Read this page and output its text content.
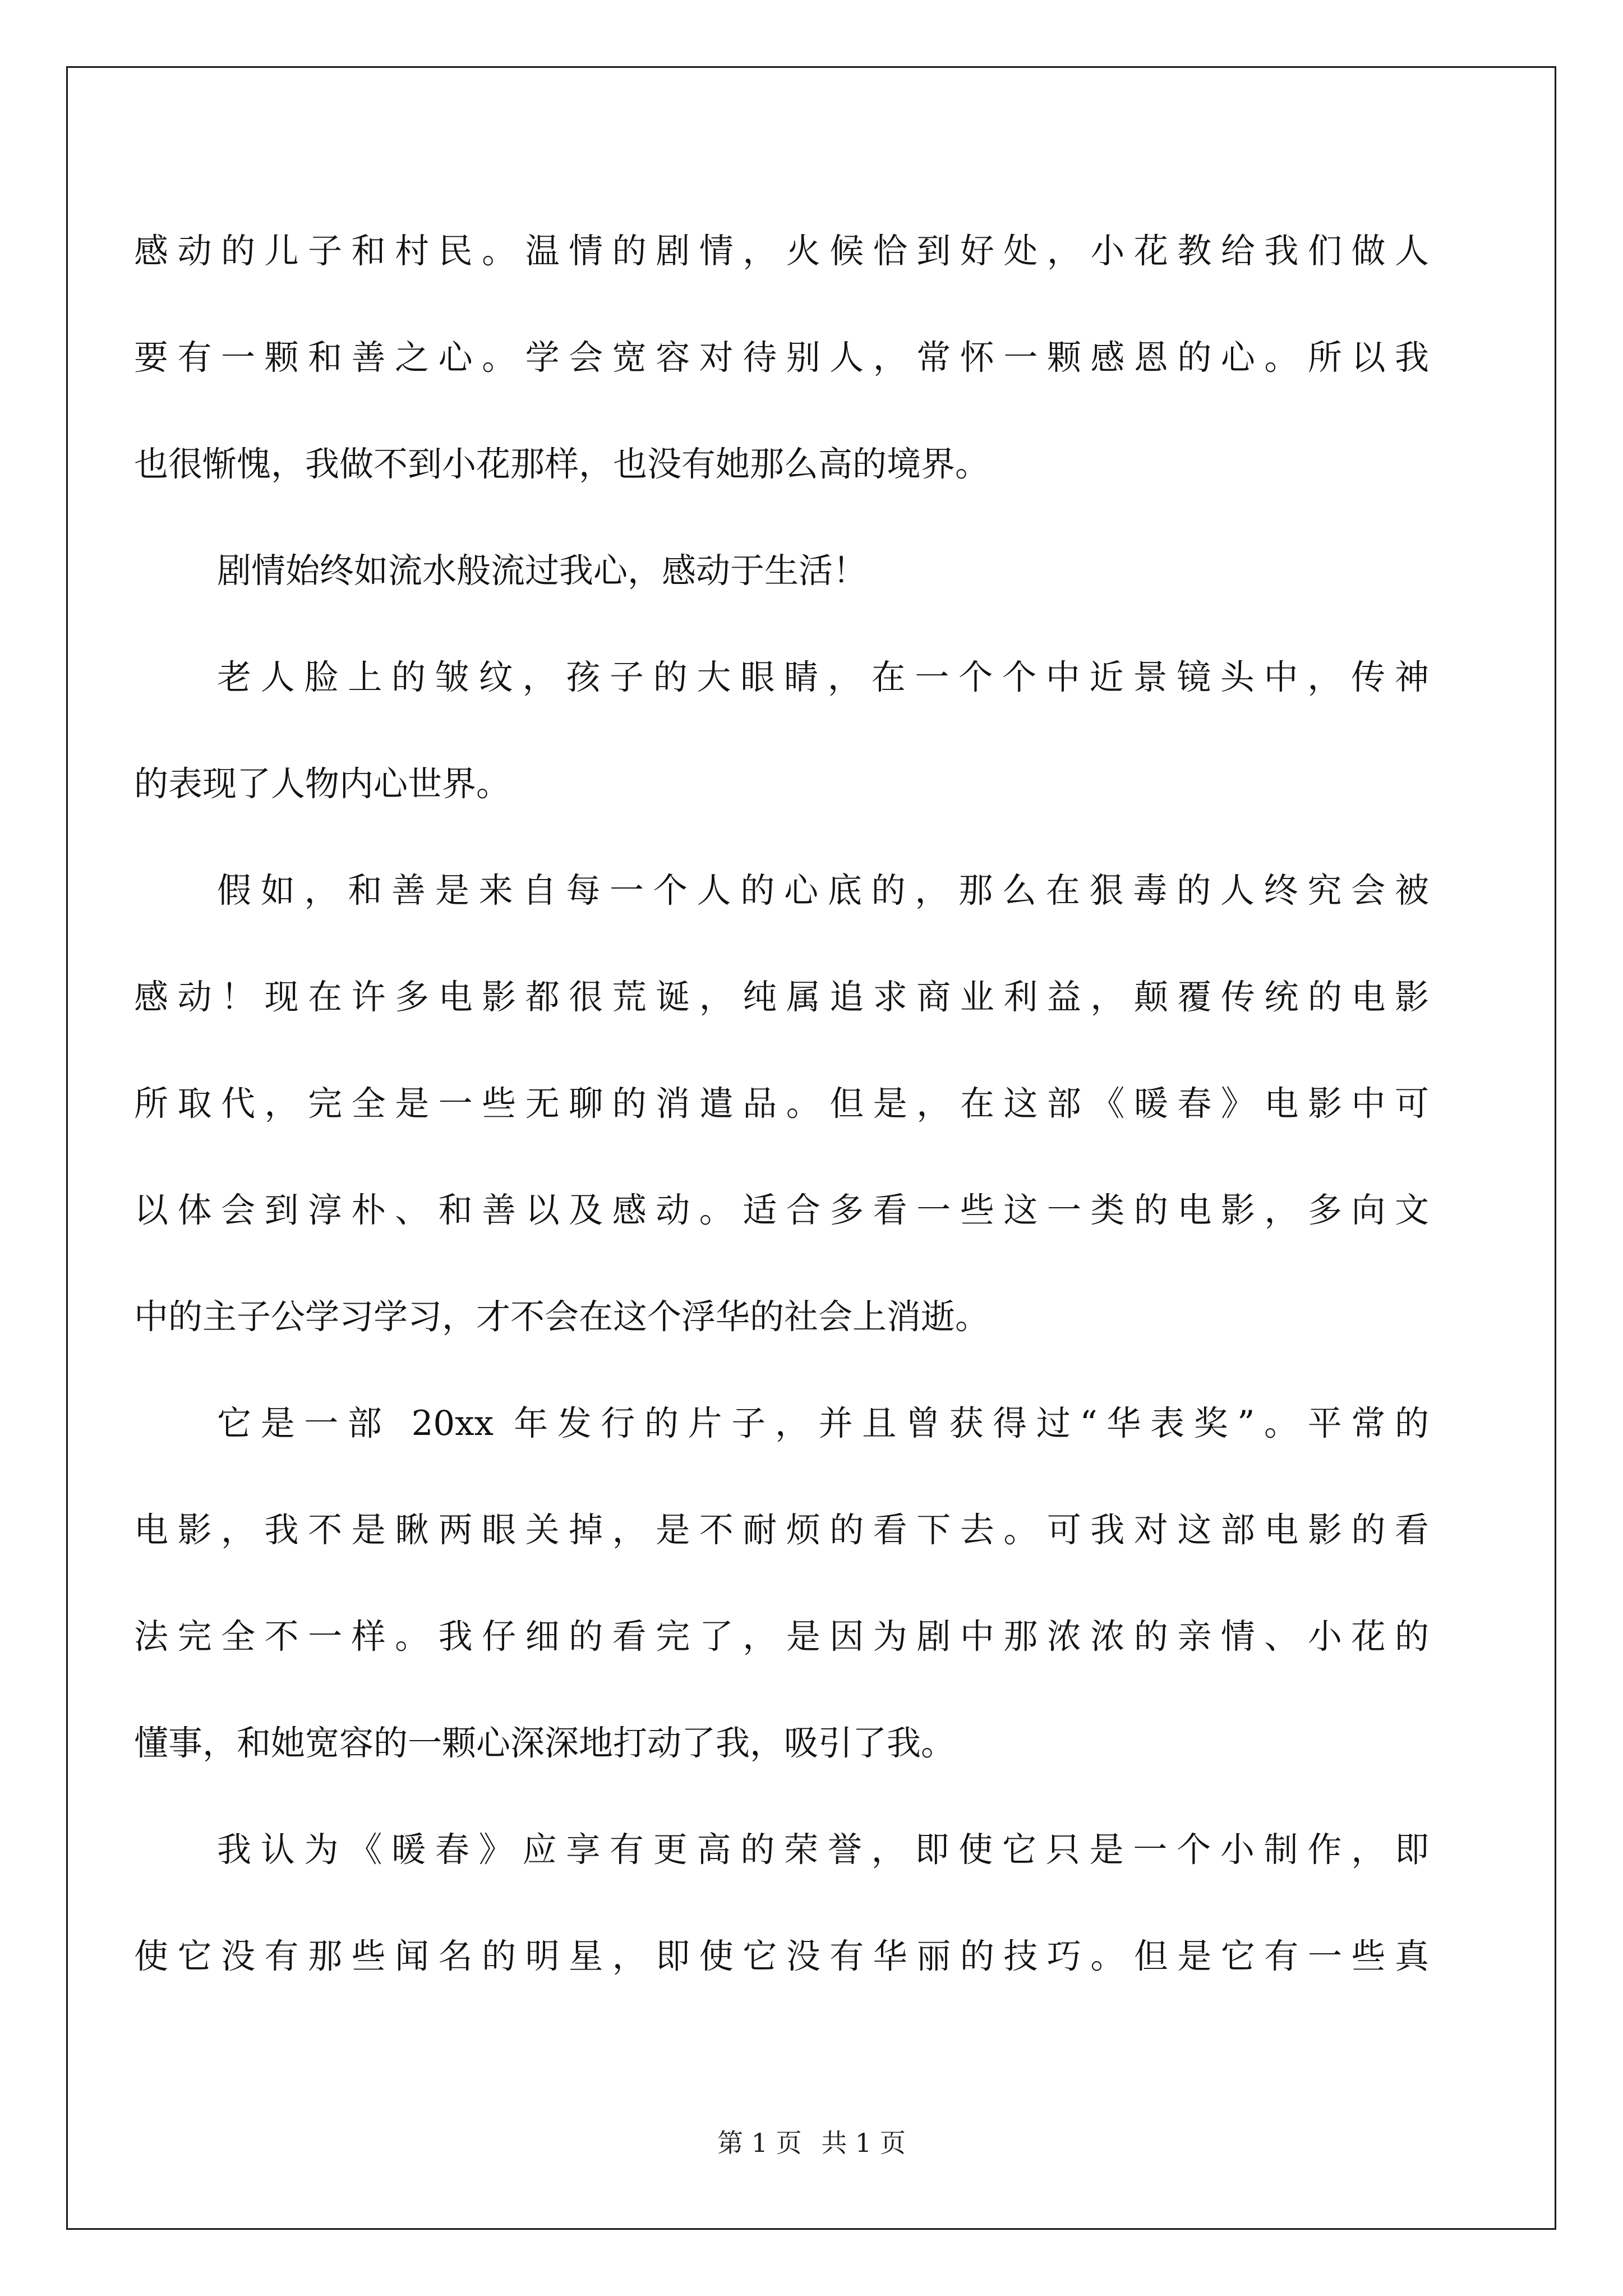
感动的儿子和村民。温情的剧情，火候恰到好处，小花教给我们做人
要有一颗和善之心。学会宽容对待别人，常怀一颗感恩的心。所以我
也很惭愧，我做不到小花那样，也没有她那么高的境界。
剧情始终如流水般流过我心，感动于生活！
老人脸上的皱纹，孩子的大眼睛，在一个个中近景镜头中，传神
的表现了人物内心世界。
假如，和善是来自每一个人的心底的，那么在狠毒的人终究会被
感动！现在许多电影都很荒诞，纯属追求商业利益，颠覆传统的电影
所取代，完全是一些无聊的消遣品。但是，在这部《暖春》电影中可
以体会到淳朴、和善以及感动。适合多看一些这一类的电影，多向文
中的主子公学习学习，才不会在这个浮华的社会上消逝。
它是一部 20xx 年发行的片子，并且曾获得过“华表奖”。平常的
电影，我不是瞅两眼关掉，是不耐烦的看下去。可我对这部电影的看
法完全不一样。我仔细的看完了，是因为剧中那浓浓的亲情、小花的
懂事，和她宽容的一颗心深深地打动了我，吸引了我。
我认为《暖春》应享有更高的荣誉，即使它只是一个小制作，即
使它没有那些闻名的明星，即使它没有华丽的技巧。但是它有一些真
第 1 页 共 1 页
